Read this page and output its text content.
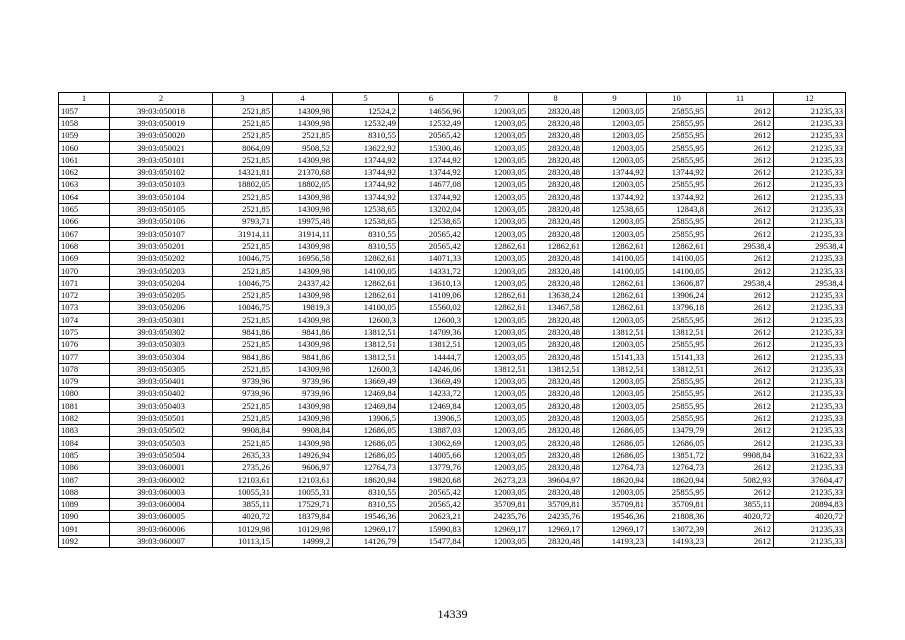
1	2	3	4	5	6	7	8	9	10	11	12
1057	39:03:050018	2521,85	14309,98	12524,2	14656,96	12003,05	28320,48	12003,05	25855,95	2612	21235,33
1058	39:03:050019	2521,85	14309,98	12532,49	12532,49	12003,05	28320,48	12003,05	25855,95	2612	21235,33
1059	39:03:050020	2521,85	2521,85	8310,55	20565,42	12003,05	28320,48	12003,05	25855,95	2612	21235,33
1060	39:03:050021	8064,09	9508,52	13622,92	15300,46	12003,05	28320,48	12003,05	25855,95	2612	21235,33
1061	39:03:050101	2521,85	14309,98	13744,92	13744,92	12003,05	28320,48	12003,05	25855,95	2612	21235,33
1062	39:03:050102	14321,81	21370,68	13744,92	13744,92	12003,05	28320,48	13744,92	13744,92	2612	21235,33
1063	39:03:050103	18802,05	18802,05	13744,92	14677,08	12003,05	28320,48	12003,05	25855,95	2612	21235,33
1064	39:03:050104	2521,85	14309,98	13744,92	13744,92	12003,05	28320,48	13744,92	13744,92	2612	21235,33
1065	39:03:050105	2521,85	14309,98	12538,65	13202,04	12003,05	28320,48	12538,65	12843,8	2612	21235,33
1066	39:03:050106	9793,71	19975,48	12538,65	12538,65	12003,05	28320,48	12003,05	25855,95	2612	21235,33
1067	39:03:050107	31914,11	31914,11	8310,55	20565,42	12003,05	28320,48	12003,05	25855,95	2612	21235,33
1068	39:03:050201	2521,85	14309,98	8310,55	20565,42	12862,61	12862,61	12862,61	12862,61	29538,4	29538,4
1069	39:03:050202	10046,75	16956,58	12862,61	14071,33	12003,05	28320,48	14100,05	14100,05	2612	21235,33
1070	39:03:050203	2521,85	14309,98	14100,05	14331,72	12003,05	28320,48	14100,05	14100,05	2612	21235,33
1071	39:03:050204	10046,75	24337,42	12862,61	13610,13	12003,05	28320,48	12862,61	13606,87	29538,4	29538,4
1072	39:03:050205	2521,85	14309,98	12862,61	14109,06	12862,61	13638,24	12862,61	13906,24	2612	21235,33
1073	39:03:050206	10046,75	19819,3	14100,05	15560,02	12862,61	13467,58	12862,61	13796,18	2612	21235,33
1074	39:03:050301	2521,85	14309,98	12600,3	12600,3	12003,05	28320,48	12003,05	25855,95	2612	21235,33
1075	39:03:050302	9841,86	9841,86	13812,51	14709,36	12003,05	28320,48	13812,51	13812,51	2612	21235,33
1076	39:03:050303	2521,85	14309,98	13812,51	13812,51	12003,05	28320,48	12003,05	25855,95	2612	21235,33
1077	39:03:050304	9841,86	9841,86	13812,51	14444,7	12003,05	28320,48	15141,33	15141,33	2612	21235,33
1078	39:03:050305	2521,85	14309,98	12600,3	14246,06	13812,51	13812,51	13812,51	13812,51	2612	21235,33
1079	39:03:050401	9739,96	9739,96	13669,49	13669,49	12003,05	28320,48	12003,05	25855,95	2612	21235,33
1080	39:03:050402	9739,96	9739,96	12469,84	14233,72	12003,05	28320,48	12003,05	25855,95	2612	21235,33
1081	39:03:050403	2521,85	14309,98	12469,84	12469,84	12003,05	28320,48	12003,05	25855,95	2612	21235,33
1082	39:03:050501	2521,85	14309,98	13906,5	13906,5	12003,05	28320,48	12003,05	25855,95	2612	21235,33
1083	39:03:050502	9908,84	9908,84	12686,05	13887,03	12003,05	28320,48	12686,05	13479,79	2612	21235,33
1084	39:03:050503	2521,85	14309,98	12686,05	13062,69	12003,05	28320,48	12686,05	12686,05	2612	21235,33
1085	39:03:050504	2635,33	14926,94	12686,05	14005,66	12003,05	28320,48	12686,05	13851,72	9908,84	31622,33
1086	39:03:060001	2735,26	9606,97	12764,73	13779,76	12003,05	28320,48	12764,73	12764,73	2612	21235,33
1087	39:03:060002	12103,61	12103,61	18620,94	19820,68	26273,23	39604,97	18620,94	18620,94	5082,93	37604,47
1088	39:03:060003	10055,31	10055,31	8310,55	20565,42	12003,05	28320,48	12003,05	25855,95	2612	21235,33
1089	39:03:060004	3855,11	17529,71	8310,55	20565,42	35709,81	35709,81	35709,81	35709,81	3855,11	20894,83
1090	39:03:060005	4020,72	18379,84	19546,36	20623,21	24235,76	24235,76	19546,36	21808,36	4020,72	4020,72
1091	39:03:060006	10129,98	10129,98	12969,17	15990,83	12969,17	12969,17	12969,17	13072,39	2612	21235,33
1092	39:03:060007	10113,15	14999,2	14126,79	15477,84	12003,05	28320,48	14193,23	14193,23	2612	21235,33
14339
